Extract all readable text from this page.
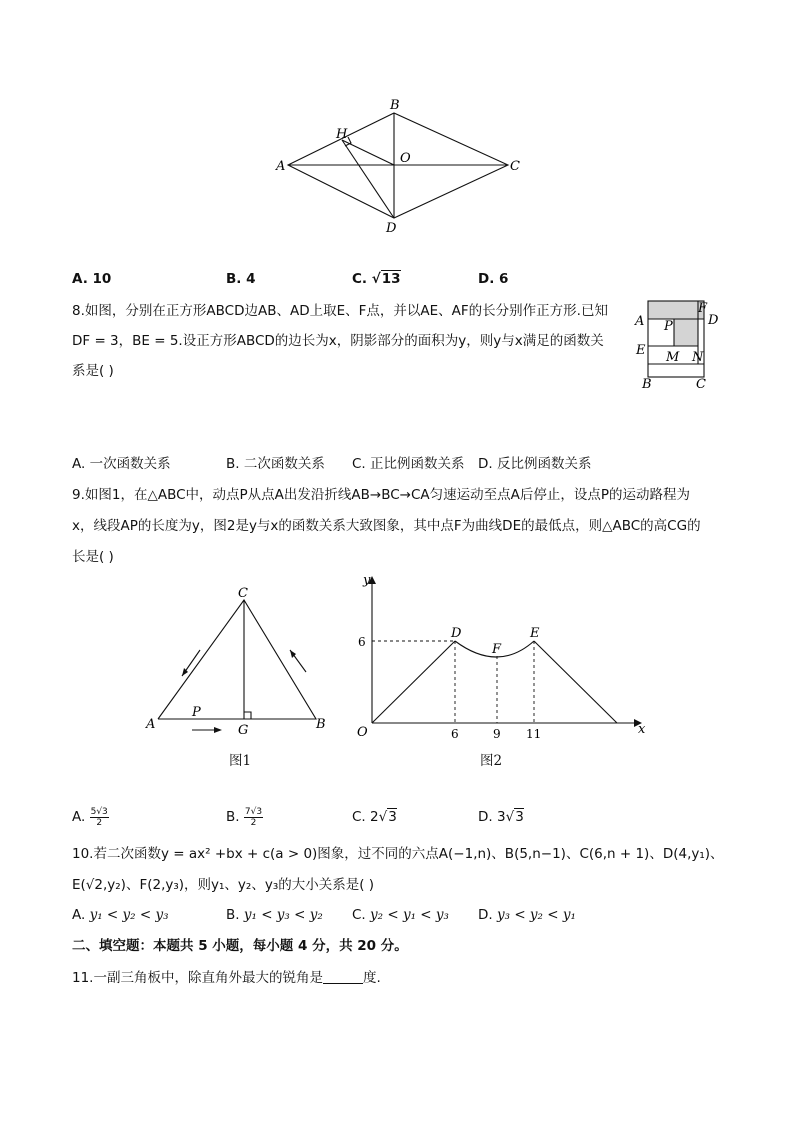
A
B
C
D
O
H
A. 10	B. 4	C. √13	D. 6
8.如图，分别在正方形ABCD边AB、AD上取E、F点，并以AE、AF的长分别作正方形.已知
DF = 3，BE = 5.设正方形ABCD的边长为x，阴影部分的面积为y，则y与x满足的函数关
系是( )
A
F
D
P
E M N
B	C
A. 一次函数关系	B. 二次函数关系 C. 正比例函数关系 D. 反比例函数关系
9.如图1，在△ABC中，动点P从点A出发沿折线AB→BC→CA匀速运动至点A后停止，设点P的运动路程为
x，线段AP的长度为y，图2是y与x的函数关系大致图象，其中点F为曲线DE的最低点，则△ABC的高CG的
长是( )
A	B
C
G
P
图1
y
x
O
6
6	9 11
D	E
F
图2
A. $\frac{5√3}{2}$	B. $\frac{7√3}{2}$	C. 2√3	D. 3√3
10.若二次函数y = ax² +bx + c(a > 0)图象，过不同的六点A(−1,n)、B(5,n−1)、C(6,n + 1)、D(4,y₁)、
E(√2,y₂)、F(2,y₃)，则y₁、y₂、y₃的大小关系是( )
A. y₁ < y₂ < y₃	B. y₁ < y₃ < y₂ C. y₂ < y₁ < y₃ D. y₃ < y₂ < y₁
二、填空题：本题共 5 小题，每小题 4 分，共 20 分。
11.一副三角板中，除直角外最大的锐角是	度.
